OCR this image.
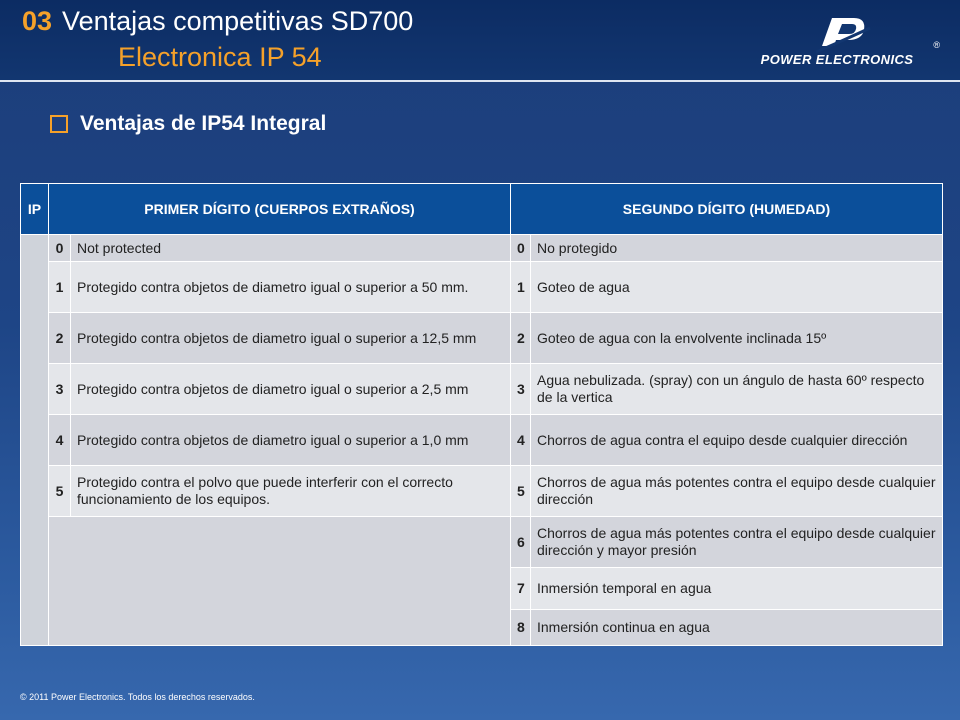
03 Ventajas competitivas SD700
Electronica IP 54	POWER ELECTRONICS
®
Ventajas de IP54 Integral
IP	PRIMER DÍGITO (CUERPOS EXTRAÑOS)		SEGUNDO DÍGITO (HUMEDAD)	
	0	Not protected	0	No protegido
	1	Protegido contra objetos de diametro igual o superior a 50 mm.	1	Goteo de agua
	2	Protegido contra objetos de diametro igual o superior a 12,5 mm	2	Goteo de agua con la envolvente inclinada 15º
	3	Protegido contra objetos de diametro igual o superior a 2,5 mm	3	Agua nebulizada. (spray) con un ángulo de hasta 60º respecto de la vertica
	4	Protegido contra objetos de diametro igual o superior a 1,0 mm	4	Chorros de agua contra el equipo desde cualquier dirección
	5	Protegido contra el polvo que puede interferir con el correcto funcionamiento de los equipos.	5	Chorros de agua más potentes contra el equipo desde cualquier dirección
			6	Chorros de agua más potentes contra el equipo desde cualquier dirección y mayor presión
			7	Inmersión temporal en agua
			8	Inmersión continua en agua
© 2011 Power Electronics. Todos los derechos reservados.
